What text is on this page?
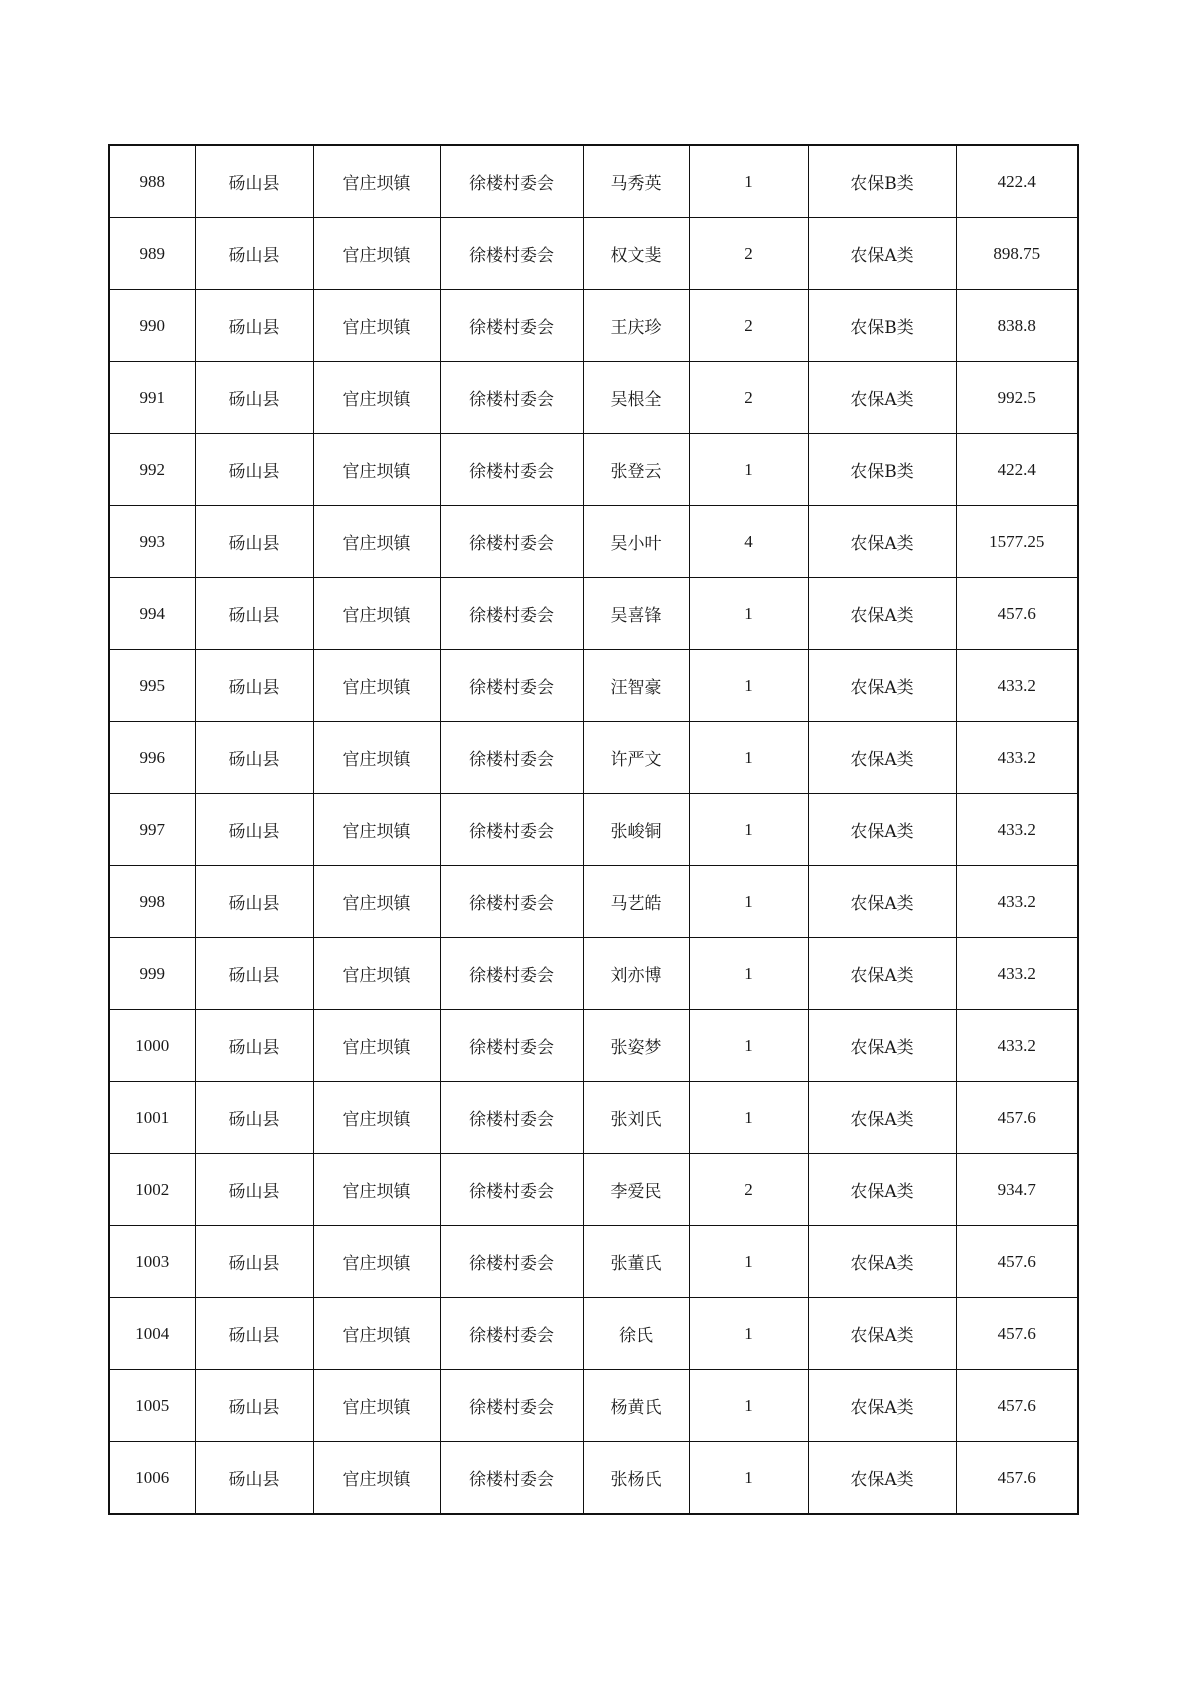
988	砀山县	官庄坝镇	徐楼村委会	马秀英	1	农保B类	422.4
989	砀山县	官庄坝镇	徐楼村委会	权文斐	2	农保A类	898.75
990	砀山县	官庄坝镇	徐楼村委会	王庆珍	2	农保B类	838.8
991	砀山县	官庄坝镇	徐楼村委会	吴根全	2	农保A类	992.5
992	砀山县	官庄坝镇	徐楼村委会	张登云	1	农保B类	422.4
993	砀山县	官庄坝镇	徐楼村委会	吴小叶	4	农保A类	1577.25
994	砀山县	官庄坝镇	徐楼村委会	吴喜锋	1	农保A类	457.6
995	砀山县	官庄坝镇	徐楼村委会	汪智豪	1	农保A类	433.2
996	砀山县	官庄坝镇	徐楼村委会	许严文	1	农保A类	433.2
997	砀山县	官庄坝镇	徐楼村委会	张峻铜	1	农保A类	433.2
998	砀山县	官庄坝镇	徐楼村委会	马艺皓	1	农保A类	433.2
999	砀山县	官庄坝镇	徐楼村委会	刘亦博	1	农保A类	433.2
1000	砀山县	官庄坝镇	徐楼村委会	张姿梦	1	农保A类	433.2
1001	砀山县	官庄坝镇	徐楼村委会	张刘氏	1	农保A类	457.6
1002	砀山县	官庄坝镇	徐楼村委会	李爱民	2	农保A类	934.7
1003	砀山县	官庄坝镇	徐楼村委会	张董氏	1	农保A类	457.6
1004	砀山县	官庄坝镇	徐楼村委会	徐氏	1	农保A类	457.6
1005	砀山县	官庄坝镇	徐楼村委会	杨黄氏	1	农保A类	457.6
1006	砀山县	官庄坝镇	徐楼村委会	张杨氏	1	农保A类	457.6
